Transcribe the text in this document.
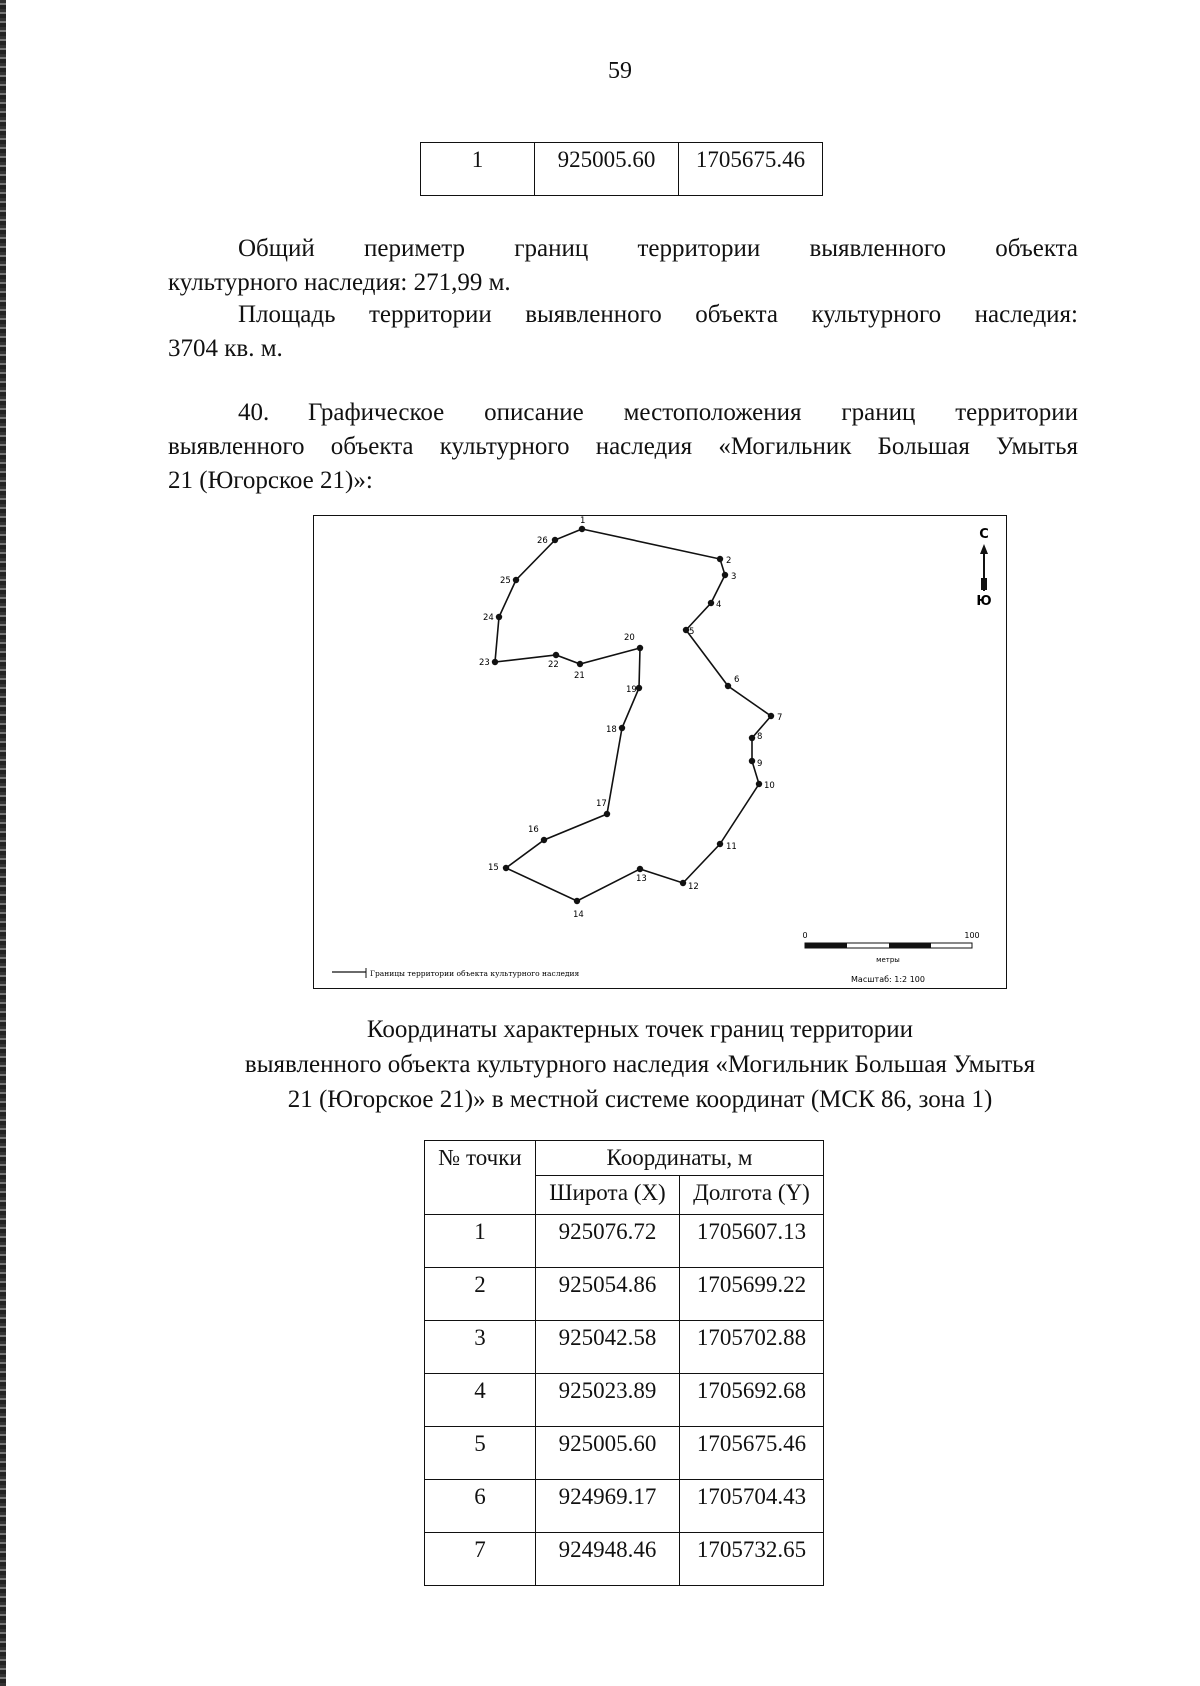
59
1	925005.60	1705675.46
Общий периметр границ территории выявленного объекта
культурного наследия: 271,99 м.
Площадь территории выявленного объекта культурного наследия:
3704 кв. м.
40.	Графическое описание местоположения границ территории
выявленного объекта культурного наследия «Могильник Большая Умытья
21 (Югорское 21)»:
1
2
3
4
5
6
7
8
9
10
11
12
13
14
15
16
17
18
19
20
21
22
23
24
25
26	С
Ю
0	100
метры
Масштаб: 1:2 100
Границы территории объекта культурного наследия
Координаты характерных точек границ территории
выявленного объекта культурного наследия «Могильник Большая Умытья
21 (Югорское 21)» в местной системе координат (МСК 86, зона 1)
№ точки	Координаты, м	
	Широта (X)	Долгота (Y)
1	925076.72	1705607.13
2	925054.86	1705699.22
3	925042.58	1705702.88
4	925023.89	1705692.68
5	925005.60	1705675.46
6	924969.17	1705704.43
7	924948.46	1705732.65
